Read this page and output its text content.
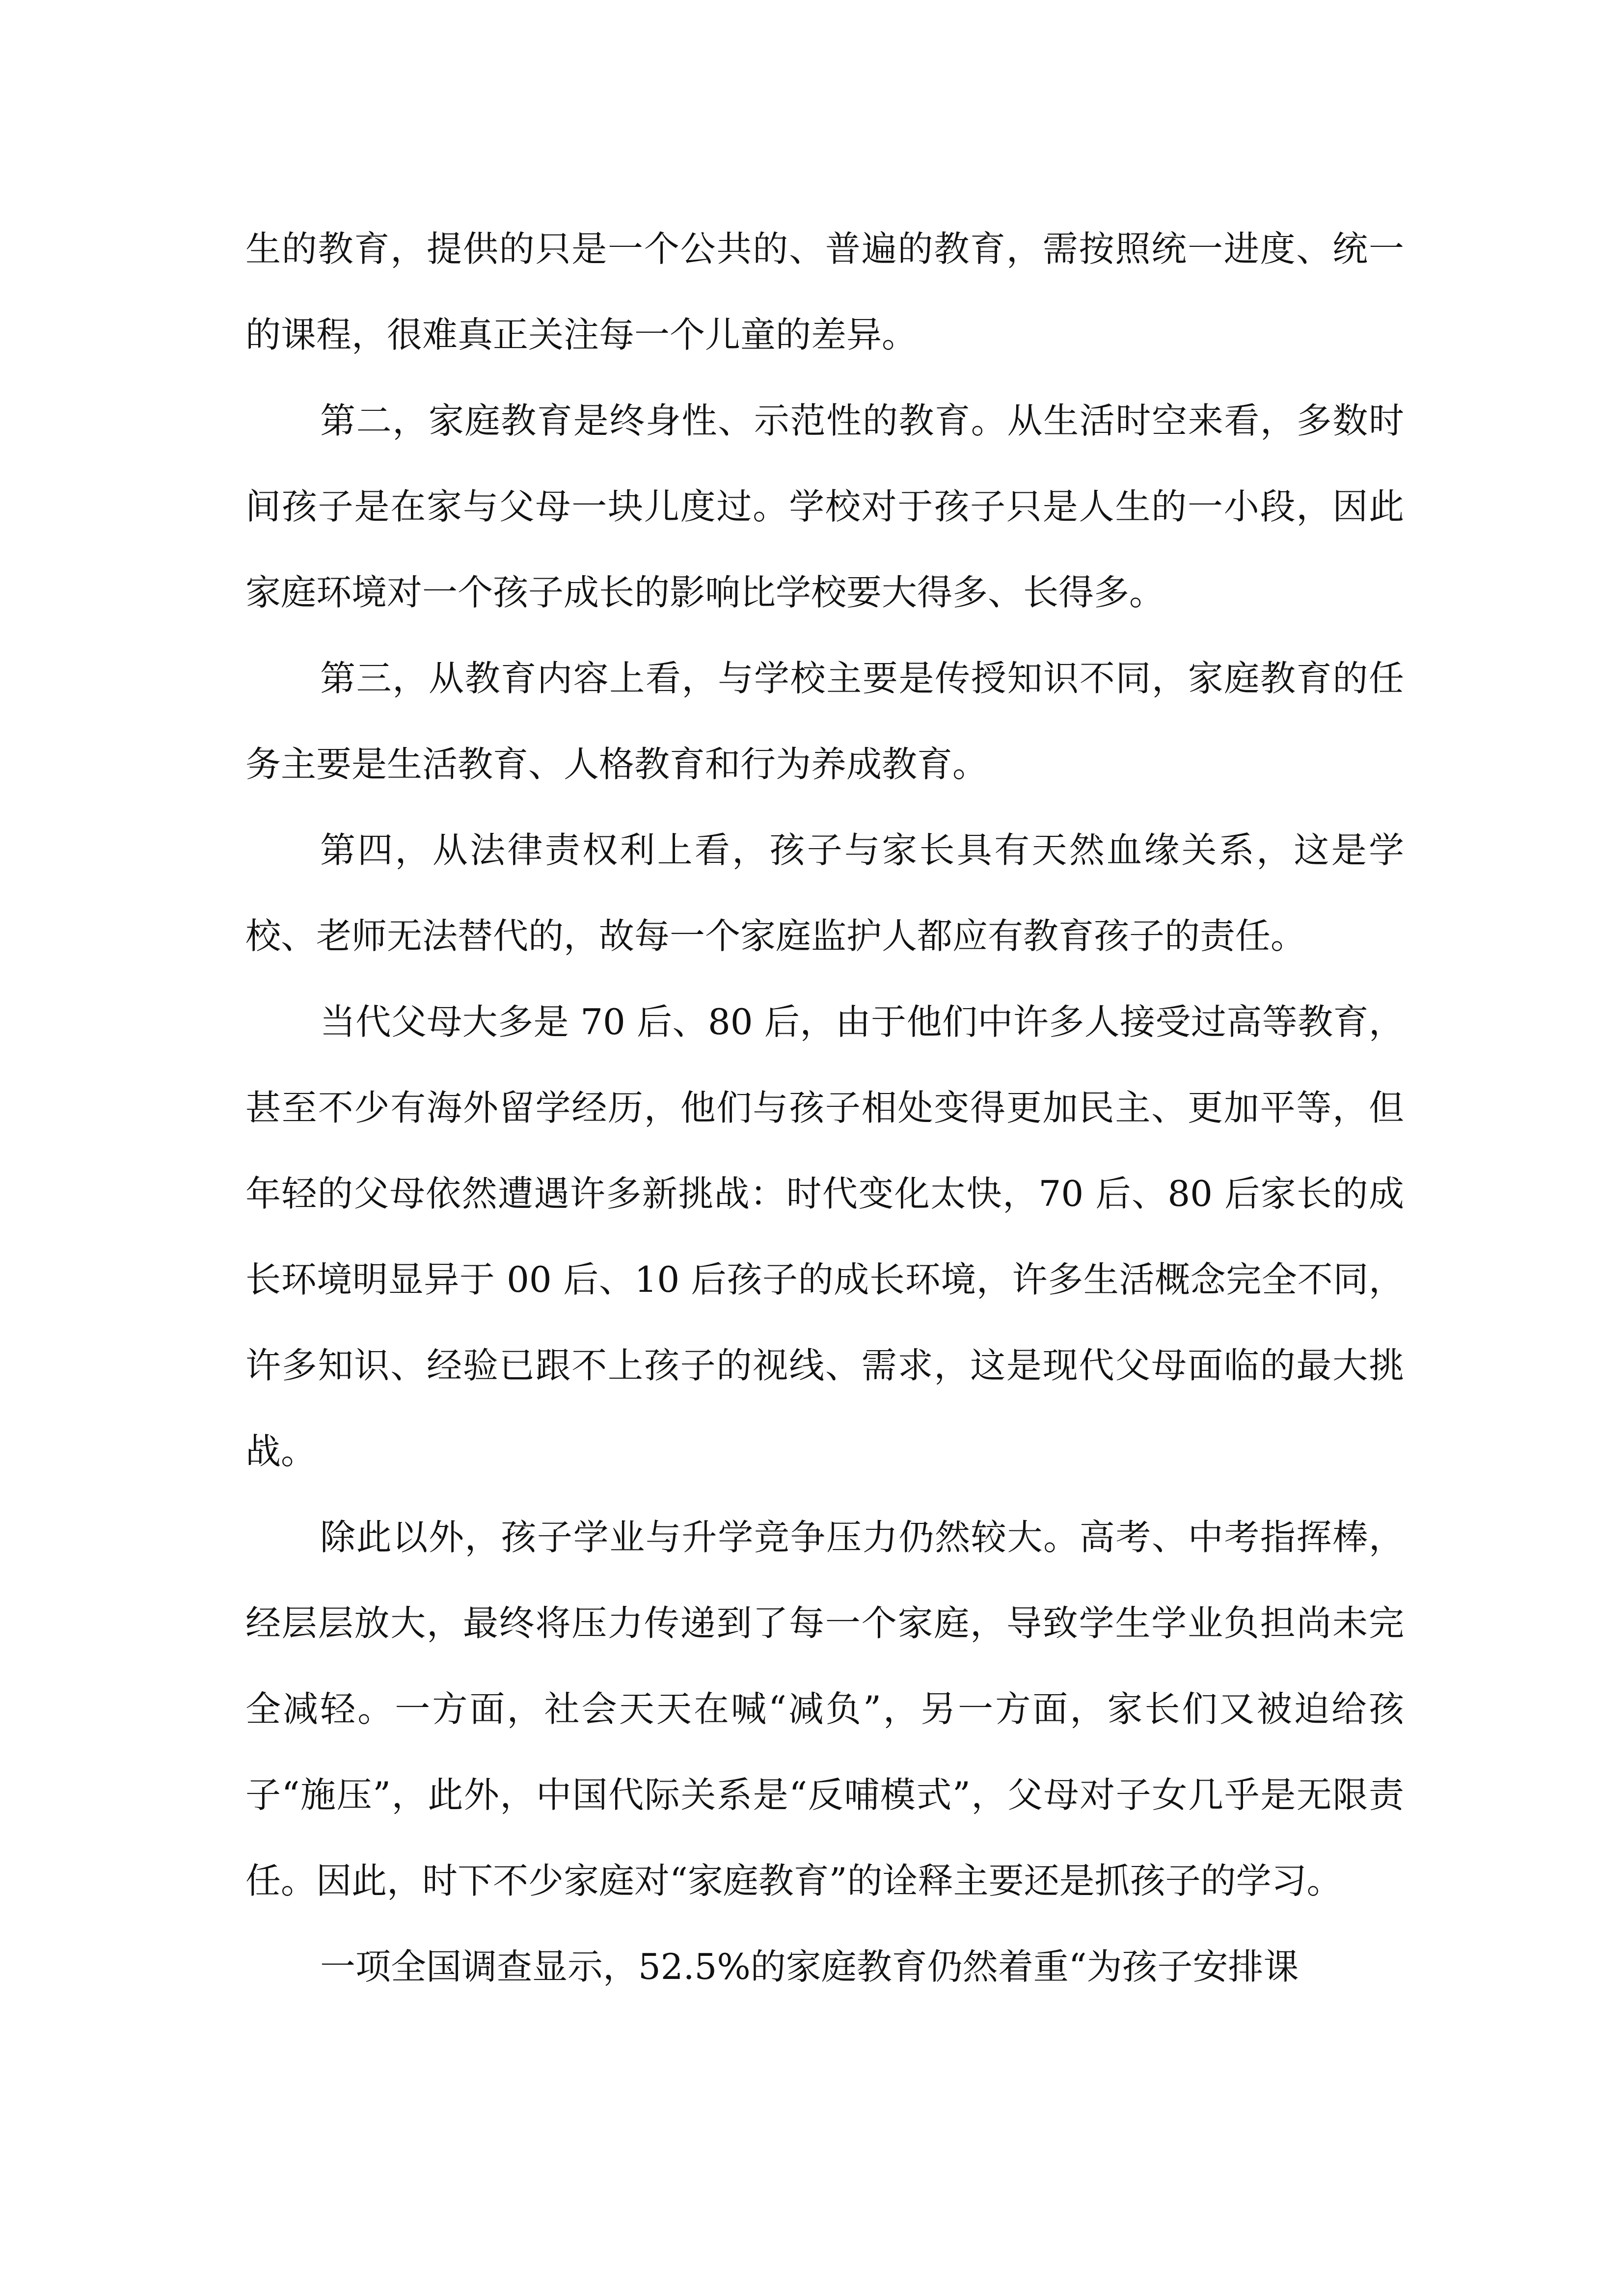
生的教育，提供的只是一个公共的、普遍的教育，需按照统一进度、统一的课程，很难真正关注每一个儿童的差异。

第二，家庭教育是终身性、示范性的教育。从生活时空来看，多数时间孩子是在家与父母一块儿度过。学校对于孩子只是人生的一小段，因此家庭环境对一个孩子成长的影响比学校要大得多、长得多。

第三，从教育内容上看，与学校主要是传授知识不同，家庭教育的任务主要是生活教育、人格教育和行为养成教育。

第四，从法律责权利上看，孩子与家长具有天然血缘关系，这是学校、老师无法替代的，故每一个家庭监护人都应有教育孩子的责任。

当代父母大多是 70 后、80 后，由于他们中许多人接受过高等教育，甚至不少有海外留学经历，他们与孩子相处变得更加民主、更加平等，但年轻的父母依然遭遇许多新挑战：时代变化太快，70 后、80 后家长的成长环境明显异于 00 后、10 后孩子的成长环境，许多生活概念完全不同，许多知识、经验已跟不上孩子的视线、需求，这是现代父母面临的最大挑战。

除此以外，孩子学业与升学竞争压力仍然较大。高考、中考指挥棒，经层层放大，最终将压力传递到了每一个家庭，导致学生学业负担尚未完全减轻。一方面，社会天天在喊“减负”，另一方面，家长们又被迫给孩子“施压”，此外，中国代际关系是“反哺模式”，父母对子女几乎是无限责任。因此，时下不少家庭对“家庭教育”的诠释主要还是抓孩子的学习。

一项全国调查显示，52.5%的家庭教育仍然着重“为孩子安排课
